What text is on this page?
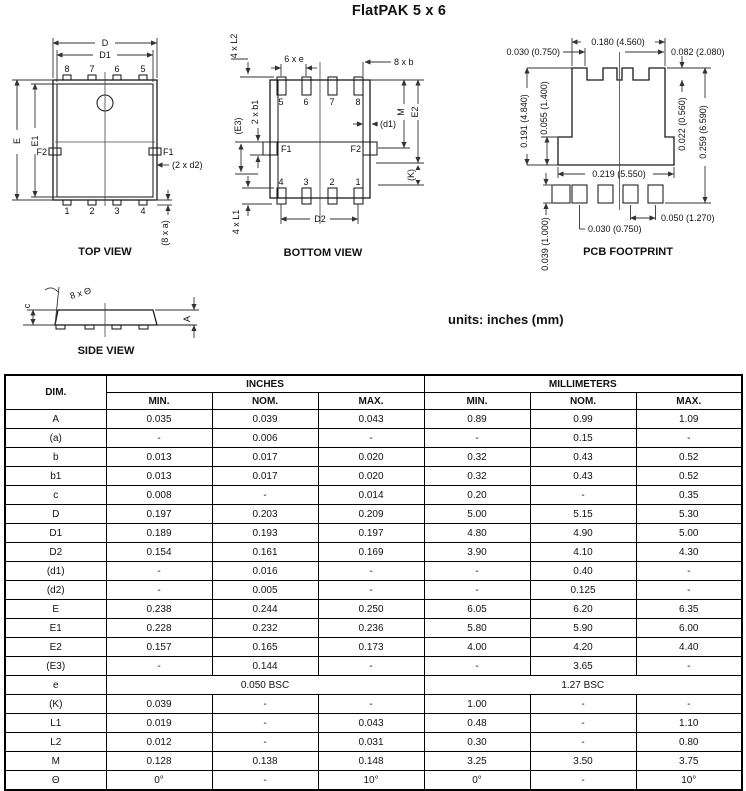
FlatPAK 5 x 6
8 7 6 5
1 2 3 4
D
D1
E E1
F2	F1
(2 x d2)
(8 x a)
TOP VIEW
5 6 7 8
4 3 2 1
4 x L2
6 x e	8 x b
2 x b1
(E3)
M E2
(d1)
F1	F2
(K)
D2
4 x L1
BOTTOM VIEW
0.180 (4.560)
0.030 (0.750)	0.082 (2.080)
0.191 (4.840) 0.055 (1.400)	0.022 (0.560) 0.259 (6.590)
0.219 (5.550)
0.050 (1.270)
0.030 (0.750)
0.039 (1.000)	PCB FOOTPRINT
c
8 x Θ
A
SIDE VIEW
units: inches (mm)
DIM.	INCHES			MILLIMETERS		
	MIN.	NOM.	MAX.	MIN.	NOM.	MAX.
A	0.035	0.039	0.043	0.89	0.99	1.09
(a)	-	0.006	-	-	0.15	-
b	0.013	0.017	0.020	0.32	0.43	0.52
b1	0.013	0.017	0.020	0.32	0.43	0.52
c	0.008	-	0.014	0.20	-	0.35
D	0.197	0.203	0.209	5.00	5.15	5.30
D1	0.189	0.193	0.197	4.80	4.90	5.00
D2	0.154	0.161	0.169	3.90	4.10	4.30
(d1)	-	0.016	-	-	0.40	-
(d2)	-	0.005	-	-	0.125	-
E	0.238	0.244	0.250	6.05	6.20	6.35
E1	0.228	0.232	0.236	5.80	5.90	6.00
E2	0.157	0.165	0.173	4.00	4.20	4.40
(E3)	-	0.144	-	-	3.65	-
e	0.050 BSC			1.27 BSC		
(K)	0.039	-	-	1.00	-	-
L1	0.019	-	0.043	0.48	-	1.10
L2	0.012	-	0.031	0.30	-	0.80
M	0.128	0.138	0.148	3.25	3.50	3.75
Θ	0°	-	10°	0°	-	10°
